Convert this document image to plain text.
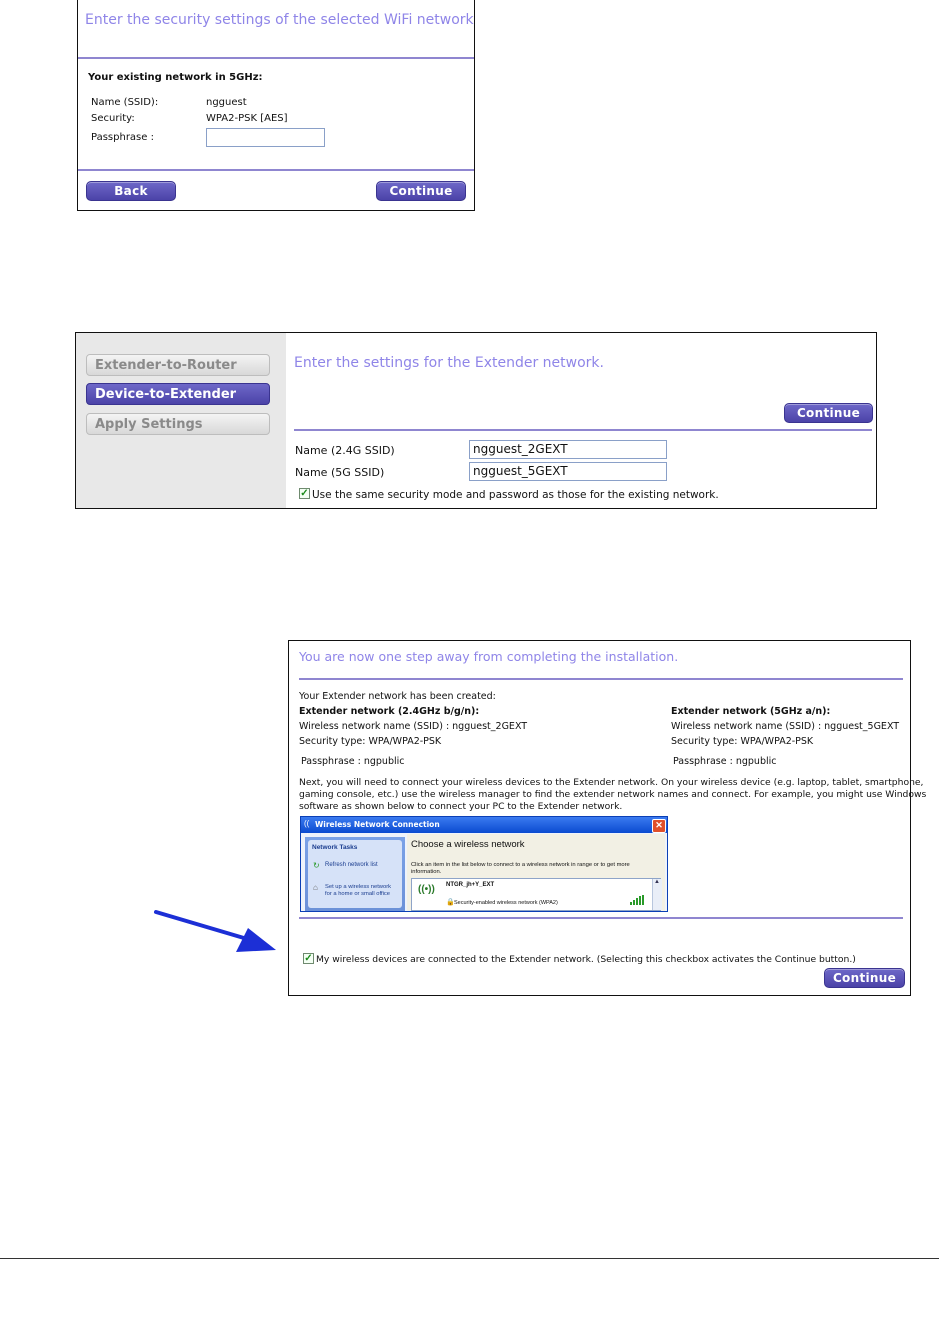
Enter the security settings of the selected WiFi network
Your existing network in 5GHz:
Name (SSID):	ngguest
Security:	WPA2-PSK [AES]
Passphrase :
Back	Continue
Extender-to-Router
Device-to-Extender
Apply Settings
Enter the settings for the Extender network.
Continue
Name (2.4G SSID)	ngguest_2GEXT
Name (5G SSID)	ngguest_5GEXT
✓ Use the same security mode and password as those for the existing network.
You are now one step away from completing the installation.
Your Extender network has been created:
Extender network (2.4GHz b/g/n):
Wireless network name (SSID) : ngguest_2GEXT
Security type: WPA/WPA2-PSK
Passphrase : ngpublic
Extender network (5GHz a/n):
Wireless network name (SSID) : ngguest_5GEXT
Security type: WPA/WPA2-PSK
Passphrase : ngpublic
Next, you will need to connect your wireless devices to the Extender network. On your wireless device (e.g. laptop, tablet, smartphone,
gaming console, etc.) use the wireless manager to find the extender network names and connect. For example, you might use Windows
software as shown below to connect your PC to the Extender network.
(( Wireless Network Connection	✕
Network Tasks
↻ Refresh network list
⌂ Set up a wireless network
for a home or small office
Choose a wireless network
Click an item in the list below to connect to a wireless network in range or to get more
information.
((•)) NTGR_jh+Y_EXT
🔒 Security-enabled wireless network (WPA2)
▲
✓ My wireless devices are connected to the Extender network. (Selecting this checkbox activates the Continue button.)
Continue
